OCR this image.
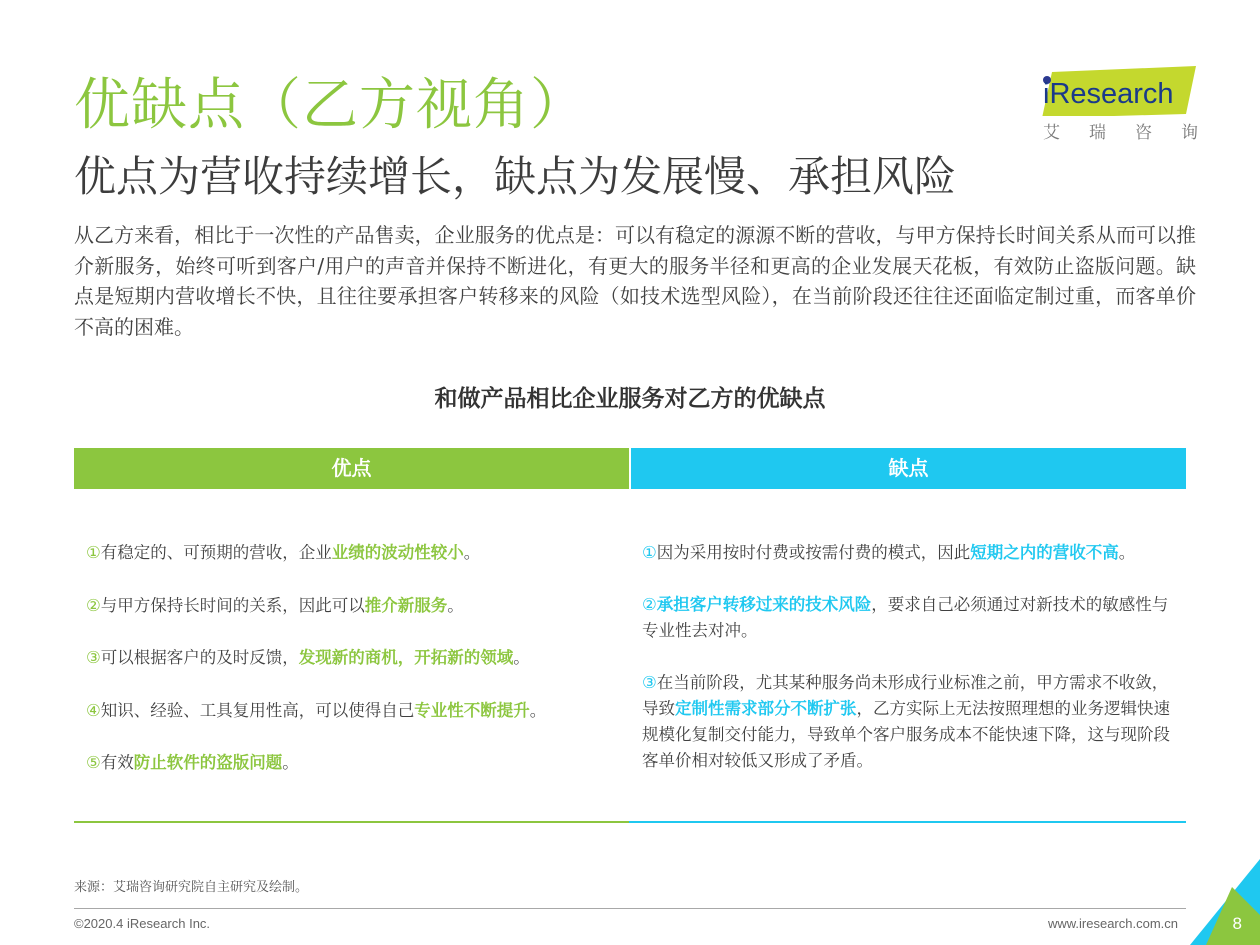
优缺点（乙方视角）
优点为营收持续增长，缺点为发展慢、承担风险
iResearch
艾 瑞 咨 询
从乙方来看，相比于一次性的产品售卖，企业服务的优点是：可以有稳定的源源不断的营收，与甲方保持长时间关系从而可以推介新服务，始终可听到客户/用户的声音并保持不断进化，有更大的服务半径和更高的企业发展天花板，有效防止盗版问题。缺点是短期内营收增长不快，且往往要承担客户转移来的风险（如技术选型风险），在当前阶段还往往还面临定制过重，而客单价不高的困难。
和做产品相比企业服务对乙方的优缺点
优点	缺点

①有稳定的、可预期的营收，企业业绩的波动性较小。

②与甲方保持长时间的关系，因此可以推介新服务。

③可以根据客户的及时反馈，发现新的商机，开拓新的领域。

④知识、经验、工具复用性高，可以使得自己专业性不断提升。

⑤有效防止软件的盗版问题。

①因为采用按时付费或按需付费的模式，因此短期之内的营收不高。

②承担客户转移过来的技术风险，要求自己必须通过对新技术的敏感性与专业性去对冲。

③在当前阶段，尤其某种服务尚未形成行业标准之前，甲方需求不收敛，导致定制性需求部分不断扩张，乙方实际上无法按照理想的业务逻辑快速规模化复制交付能力，导致单个客户服务成本不能快速下降，这与现阶段客单价相对较低又形成了矛盾。

来源：艾瑞咨询研究院自主研究及绘制。
©2020.4 iResearch Inc.	www.iresearch.com.cn	8
